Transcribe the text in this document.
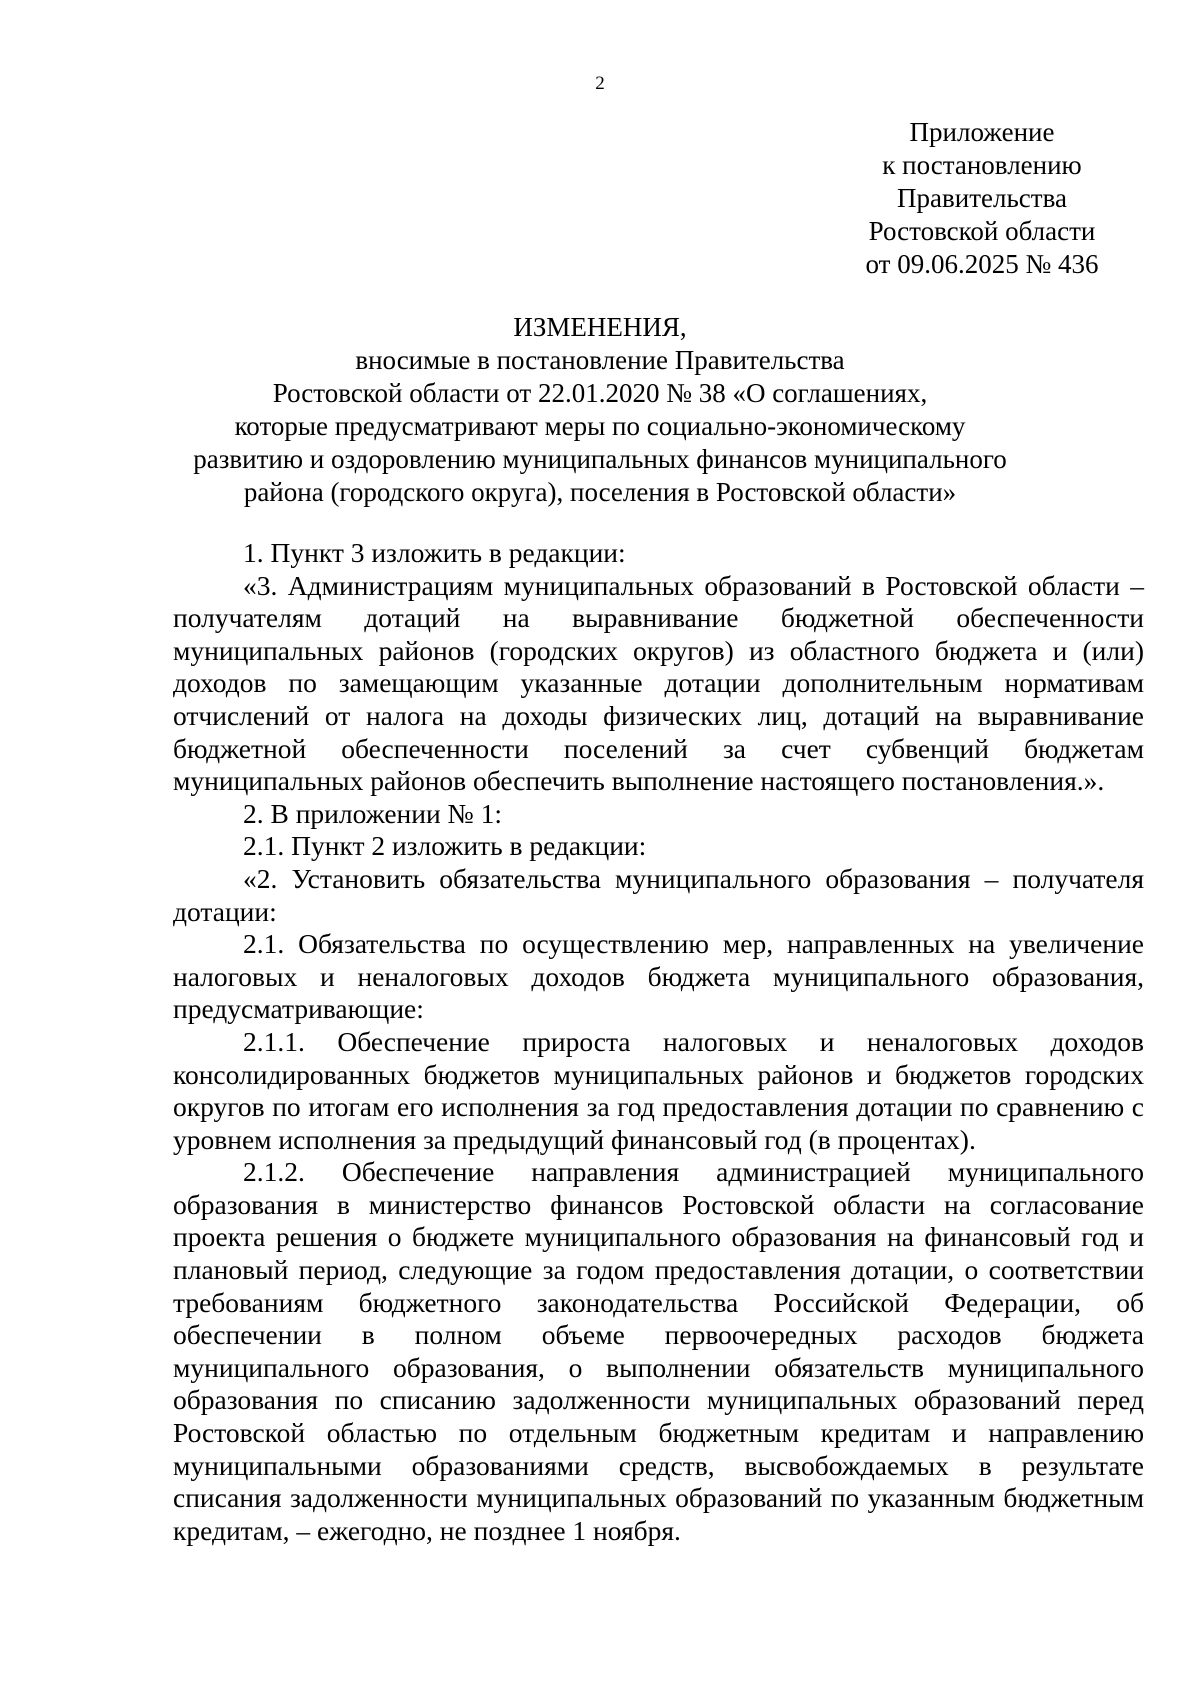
2
Приложение
к постановлению
Правительства
Ростовской области
от 09.06.2025 № 436
ИЗМЕНЕНИЯ,
вносимые в постановление Правительства
Ростовской области от 22.01.2020 № 38 «О соглашениях,
которые предусматривают меры по социально-экономическому
развитию и оздоровлению муниципальных финансов муниципального
района (городского округа), поселения в Ростовской области»

1. Пункт 3 изложить в редакции:

«3. Администрациям муниципальных образований в Ростовской области – получателям дотаций на выравнивание бюджетной обеспеченности муниципальных районов (городских округов) из областного бюджета и (или) доходов по замещающим указанные дотации дополнительным нормативам отчислений от налога на доходы физических лиц, дотаций на выравнивание бюджетной обеспеченности поселений за счет субвенций бюджетам муниципальных районов обеспечить выполнение настоящего постановления.».

2. В приложении № 1:

2.1. Пункт 2 изложить в редакции:

«2. Установить обязательства муниципального образования – получателя дотации:

2.1. Обязательства по осуществлению мер, направленных на увеличение налоговых и неналоговых доходов бюджета муниципального образования, предусматривающие:

2.1.1. Обеспечение прироста налоговых и неналоговых доходов консолидированных бюджетов муниципальных районов и бюджетов городских округов по итогам его исполнения за год предоставления дотации по сравнению с уровнем исполнения за предыдущий финансовый год (в процентах).

2.1.2. Обеспечение направления администрацией муниципального образования в министерство финансов Ростовской области на согласование проекта решения о бюджете муниципального образования на финансовый год и плановый период, следующие за годом предоставления дотации, о соответствии требованиям бюджетного законодательства Российской Федерации, об обеспечении в полном объеме первоочередных расходов бюджета муниципального образования, о выполнении обязательств муниципального образования по списанию задолженности муниципальных образований перед Ростовской областью по отдельным бюджетным кредитам и направлению муниципальными образованиями средств, высвобождаемых в результате списания задолженности муниципальных образований по указанным бюджетным кредитам, – ежегодно, не позднее 1 ноября.
